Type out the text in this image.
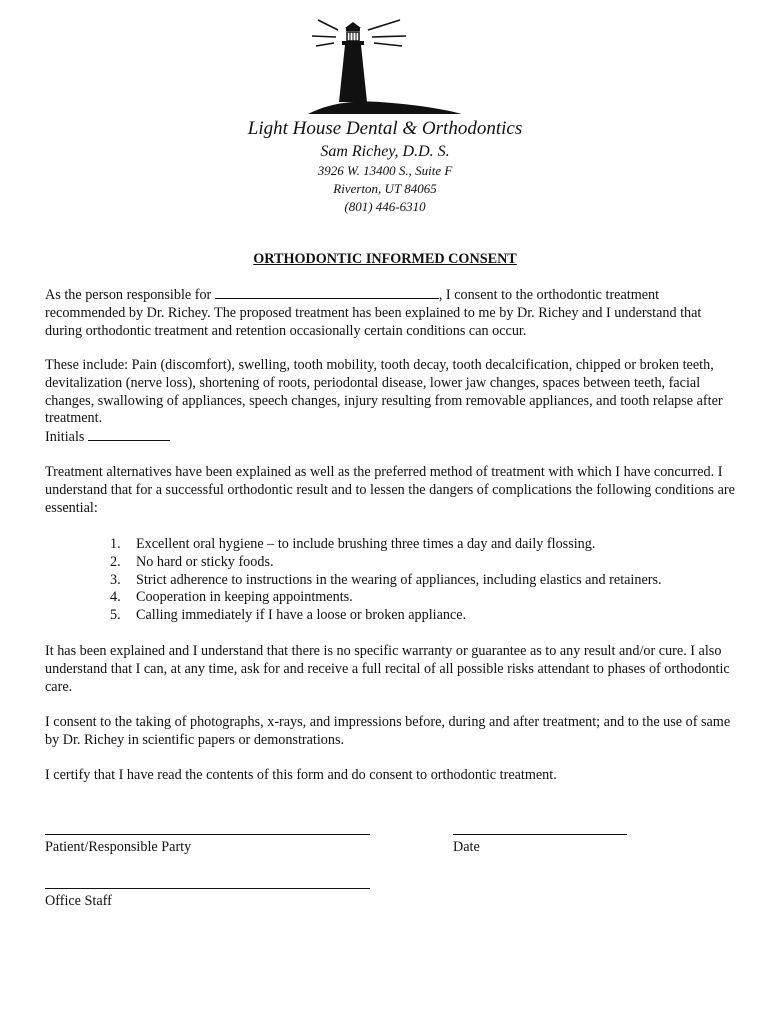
Light House Dental & Orthodontics
Sam Richey, D.D. S.
3926 W. 13400 S., Suite F
Riverton, UT 84065
(801) 446-6310
ORTHODONTIC INFORMED CONSENT

As the person responsible for	, I consent to the orthodontic treatment recommended by Dr. Richey. The proposed treatment has been explained to me by Dr. Richey and I understand that during orthodontic treatment and retention occasionally certain conditions can occur.

These include: Pain (discomfort), swelling, tooth mobility, tooth decay, tooth decalcification, chipped or broken teeth, devitalization (nerve loss), shortening of roots, periodontal disease, lower jaw changes, spaces between teeth, facial changes, swallowing of appliances, speech changes, injury resulting from removable appliances, and tooth relapse after treatment.
Initials

Treatment alternatives have been explained as well as the preferred method of treatment with which I have concurred. I understand that for a successful orthodontic result and to lessen the dangers of complications the following conditions are essential:

1.	Excellent oral hygiene – to include brushing three times a day and daily flossing.
2.	No hard or sticky foods.
3.	Strict adherence to instructions in the wearing of appliances, including elastics and retainers.
4.	Cooperation in keeping appointments.
5.	Calling immediately if I have a loose or broken appliance.

It has been explained and I understand that there is no specific warranty or guarantee as to any result and/or cure. I also understand that I can, at any time, ask for and receive a full recital of all possible risks attendant to phases of orthodontic care.

I consent to the taking of photographs, x-rays, and impressions before, during and after treatment; and to the use of same by Dr. Richey in scientific papers or demonstrations.

I certify that I have read the contents of this form and do consent to orthodontic treatment.

Patient/Responsible Party	Date
Office Staff
